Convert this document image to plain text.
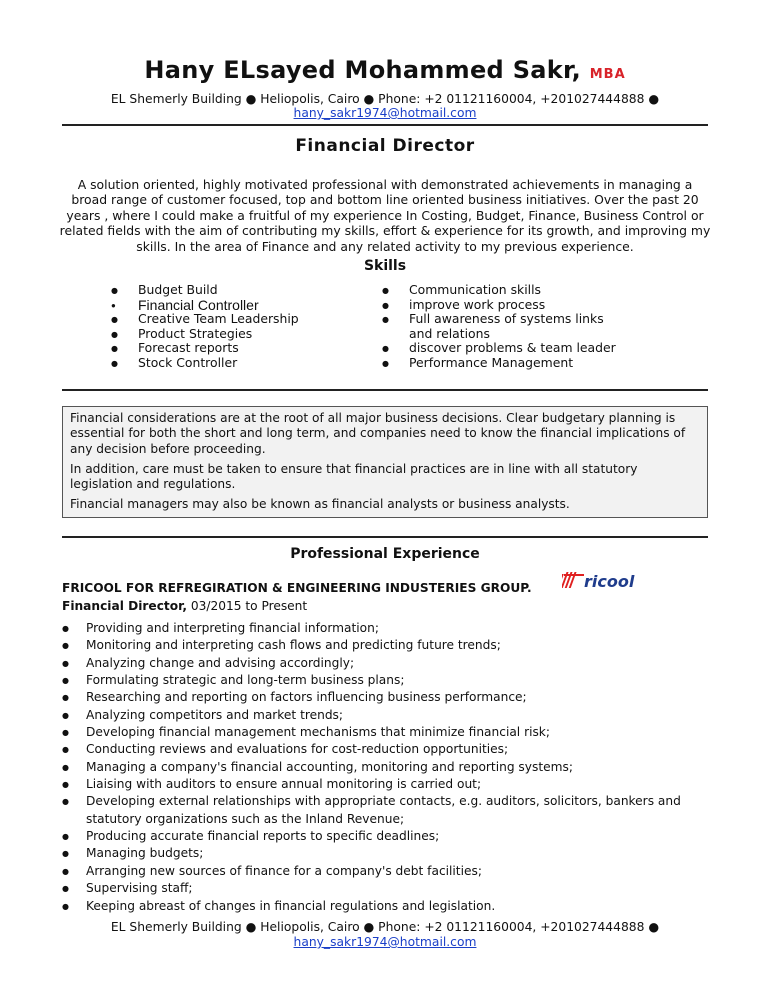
Hany ELsayed Mohammed Sakr, MBA
EL Shemerly Building ● Heliopolis, Cairo ● Phone: +2 01121160004, +201027444888 ●
hany_sakr1974@hotmail.com
Financial Director
A solution oriented, highly motivated professional with demonstrated achievements in managing a broad range of customer focused, top and bottom line oriented business initiatives. Over the past 20 years , where I could make a fruitful of my experience In Costing, Budget, Finance, Business Control or related fields with the aim of contributing my skills, effort & experience for its growth, and improving my skills. In the area of Finance and any related activity to my previous experience.
Skills
● Budget Build
● Financial Controller
● Creative Team Leadership
● Product Strategies
● Forecast reports
● Stock Controller
● Communication skills
● improve work process
● Full awareness of systems links and relations
● discover problems & team leader
● Performance Management

Financial considerations are at the root of all major business decisions. Clear budgetary planning is essential for both the short and long term, and companies need to know the financial implications of any decision before proceeding.

In addition, care must be taken to ensure that financial practices are in line with all statutory legislation and regulations.

Financial managers may also be known as financial analysts or business analysts.

Professional Experience
FRICOOL FOR REFREGIRATION & ENGINEERING INDUSTERIES GROUP.	ricool
Financial Director, 03/2015 to Present
● Providing and interpreting financial information;
● Monitoring and interpreting cash flows and predicting future trends;
● Analyzing change and advising accordingly;
● Formulating strategic and long-term business plans;
● Researching and reporting on factors influencing business performance;
● Analyzing competitors and market trends;
● Developing financial management mechanisms that minimize financial risk;
● Conducting reviews and evaluations for cost-reduction opportunities;
● Managing a company's financial accounting, monitoring and reporting systems;
● Liaising with auditors to ensure annual monitoring is carried out;
● Developing external relationships with appropriate contacts, e.g. auditors, solicitors, bankers and statutory organizations such as the Inland Revenue;
● Producing accurate financial reports to specific deadlines;
● Managing budgets;
● Arranging new sources of finance for a company's debt facilities;
● Supervising staff;
● Keeping abreast of changes in financial regulations and legislation.
EL Shemerly Building ● Heliopolis, Cairo ● Phone: +2 01121160004, +201027444888 ●
hany_sakr1974@hotmail.com
